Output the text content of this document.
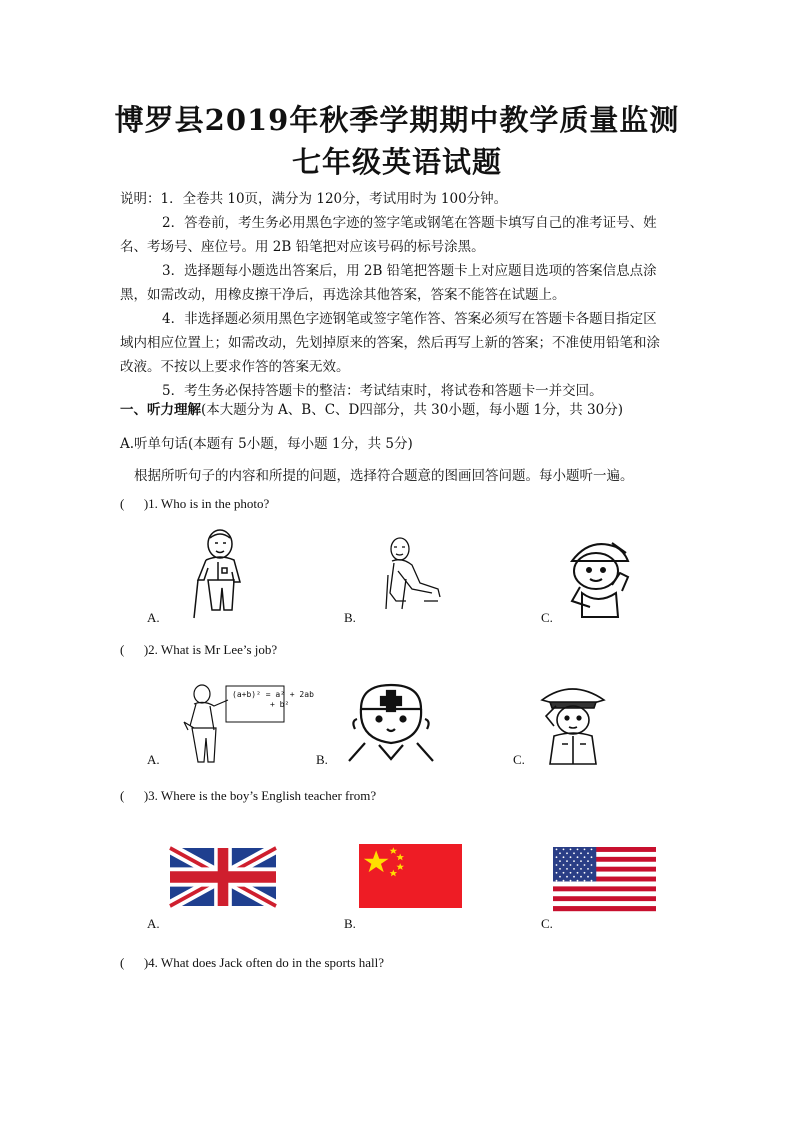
博罗县2019年秋季学期期中教学质量监测
七年级英语试题
说明：1．全卷共 10页，满分为 120分，考试用时为 100分钟。
2．答卷前，考生务必用黑色字迹的签字笔或钢笔在答题卡填写自己的准考证号、姓
名、考场号、座位号。用 2B 铅笔把对应该号码的标号涂黑。
3．选择题每小题选出答案后，用 2B 铅笔把答题卡上对应题目选项的答案信息点涂
黑，如需改动，用橡皮擦干净后，再选涂其他答案，答案不能答在试题上。
4．非选择题必须用黑色字迹钢笔或签字笔作答、答案必须写在答题卡各题目指定区
域内相应位置上；如需改动，先划掉原来的答案，然后再写上新的答案；不准使用铅笔和涂
改液。不按以上要求作答的答案无效。
5．考生务必保持答题卡的整洁：考试结束时，将试卷和答题卡一并交回。
一、听力理解(本大题分为 A、B、C、D四部分，共 30小题，每小题 1分，共 30分)
A.听单句话(本题有 5小题，每小题 1分，共 5分)
根据所听句子的内容和所提的问题，选择符合题意的图画回答问题。每小题听一遍。
(      )1. Who is in the photo?
A.	B.	C.
(      )2. What is Mr Lee’s job?
(a+b)² = a² + 2ab
+ b²
A.	B.	C.
(      )3. Where is the boy’s English teacher from?
A.	B.	C.
(      )4. What does Jack often do in the sports hall?
